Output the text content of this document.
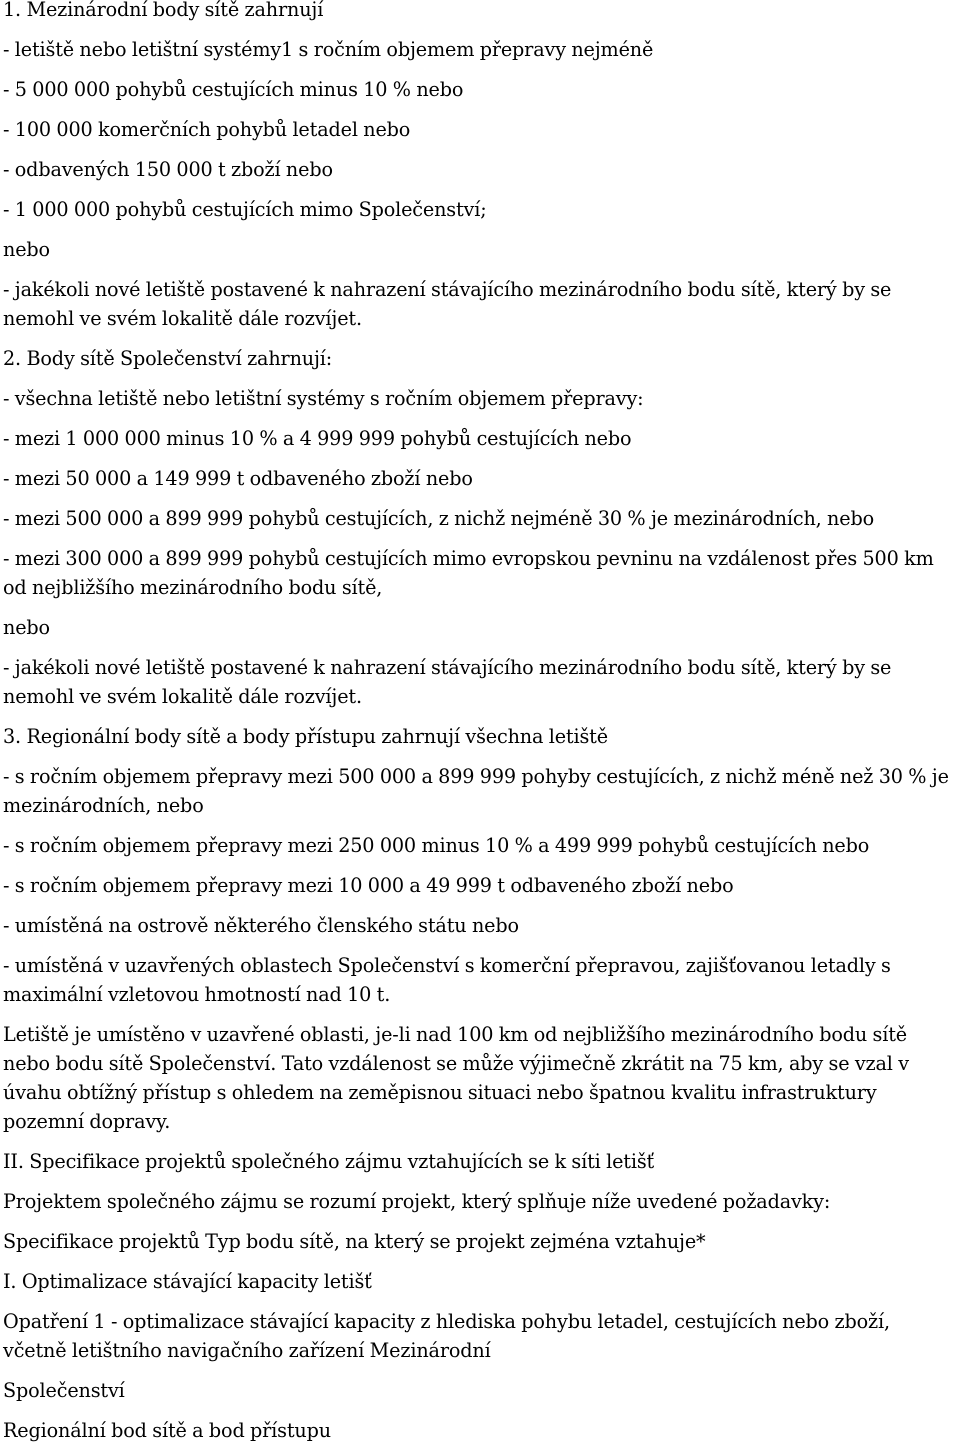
1. Mezinárodní body sítě zahrnují

- letiště nebo letištní systémy1 s ročním objemem přepravy nejméně

- 5 000 000 pohybů cestujících minus 10 % nebo

- 100 000 komerčních pohybů letadel nebo

- odbavených 150 000 t zboží nebo

- 1 000 000 pohybů cestujících mimo Společenství;

nebo

- jakékoli nové letiště postavené k nahrazení stávajícího mezinárodního bodu sítě, který by se nemohl ve svém lokalitě dále rozvíjet.

2. Body sítě Společenství zahrnují:

- všechna letiště nebo letištní systémy s ročním objemem přepravy:

- mezi 1 000 000 minus 10 % a 4 999 999 pohybů cestujících nebo

- mezi 50 000 a 149 999 t odbaveného zboží nebo

- mezi 500 000 a 899 999 pohybů cestujících, z nichž nejméně 30 % je mezinárodních, nebo

- mezi 300 000 a 899 999 pohybů cestujících mimo evropskou pevninu na vzdálenost přes 500 km od nejbližšího mezinárodního bodu sítě,

nebo

- jakékoli nové letiště postavené k nahrazení stávajícího mezinárodního bodu sítě, který by se nemohl ve svém lokalitě dále rozvíjet.

3. Regionální body sítě a body přístupu zahrnují všechna letiště

- s ročním objemem přepravy mezi 500 000 a 899 999 pohyby cestujících, z nichž méně než 30 % je mezinárodních, nebo

- s ročním objemem přepravy mezi 250 000 minus 10 % a 499 999 pohybů cestujících nebo

- s ročním objemem přepravy mezi 10 000 a 49 999 t odbaveného zboží nebo

- umístěná na ostrově některého členského státu nebo

- umístěná v uzavřených oblastech Společenství s komerční přepravou, zajišťovanou letadly s maximální vzletovou hmotností nad 10 t.

Letiště je umístěno v uzavřené oblasti, je-li nad 100 km od nejbližšího mezinárodního bodu sítě nebo bodu sítě Společenství. Tato vzdálenost se může výjimečně zkrátit na 75 km, aby se vzal v úvahu obtížný přístup s ohledem na zeměpisnou situaci nebo špatnou kvalitu infrastruktury pozemní dopravy.

II. Specifikace projektů společného zájmu vztahujících se k síti letišť

Projektem společného zájmu se rozumí projekt, který splňuje níže uvedené požadavky:

Specifikace projektů Typ bodu sítě, na který se projekt zejména vztahuje*

I. Optimalizace stávající kapacity letišť

Opatření 1 - optimalizace stávající kapacity z hlediska pohybu letadel, cestujících nebo zboží, včetně letištního navigačního zařízení Mezinárodní

Společenství

Regionální bod sítě a bod přístupu
